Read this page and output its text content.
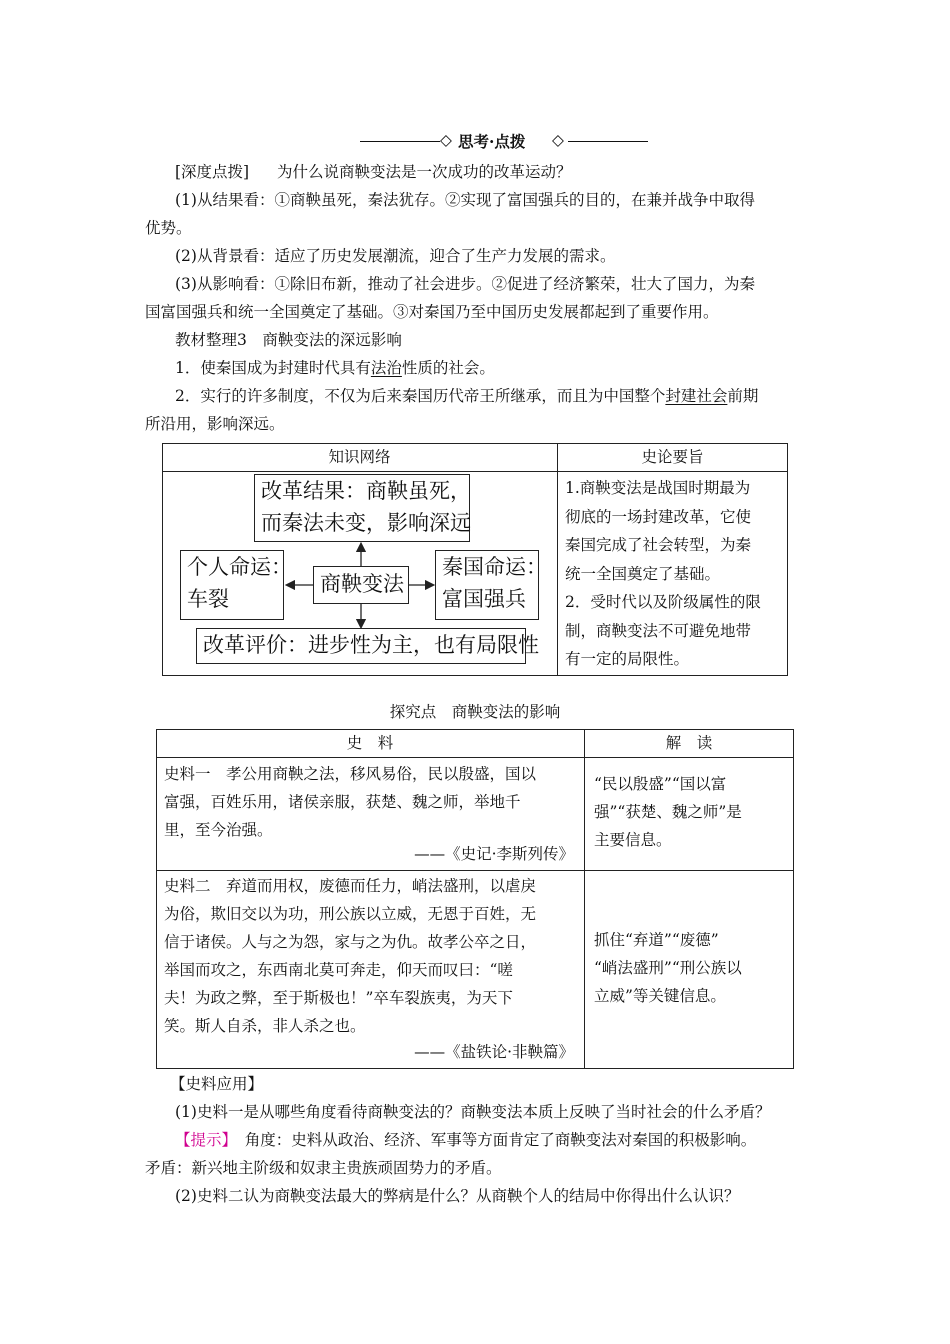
◇ 思考·点拨 ◇
[深度点拨] 为什么说商鞅变法是一次成功的改革运动？
(1)从结果看：①商鞅虽死，秦法犹存。②实现了富国强兵的目的，在兼并战争中取得
优势。
(2)从背景看：适应了历史发展潮流，迎合了生产力发展的需求。
(3)从影响看：①除旧布新，推动了社会进步。②促进了经济繁荣，壮大了国力，为秦
国富国强兵和统一全国奠定了基础。③对秦国乃至中国历史发展都起到了重要作用。
教材整理3　商鞅变法的深远影响
1．使秦国成为封建时代具有法治性质的社会。
2．实行的许多制度，不仅为后来秦国历代帝王所继承，而且为中国整个封建社会前期
所沿用，影响深远。
知识网络	史论要旨
改革结果：商鞅虽死，
而秦法未变，影响深远
个人命运：
车裂
商鞅变法
秦国命运：
富国强兵
改革评价：进步性为主，也有局限性
1.商鞅变法是战国时期最为
彻底的一场封建改革，它使
秦国完成了社会转型，为秦
统一全国奠定了基础。
2．受时代以及阶级属性的限
制，商鞅变法不可避免地带
有一定的局限性。
探究点　商鞅变法的影响
史　料	解　读
史料一　孝公用商鞅之法，移风易俗，民以殷盛，国以
富强，百姓乐用，诸侯亲服，获楚、魏之师，举地千
里，至今治强。
——《史记·李斯列传》
“民以殷盛”“国以富
强”“获楚、魏之师”是
主要信息。
史料二　弃道而用权，废德而任力，峭法盛刑，以虐戾
为俗，欺旧交以为功，刑公族以立威，无恩于百姓，无
信于诸侯。人与之为怨，家与之为仇。故孝公卒之日，
举国而攻之，东西南北莫可奔走，仰天而叹曰：“嗟
夫！为政之弊，至于斯极也！”卒车裂族夷，为天下
笑。斯人自杀，非人杀之也。
——《盐铁论·非鞅篇》
抓住“弃道”“废德”
“峭法盛刑”“刑公族以
立威”等关键信息。
【史料应用】
(1)史料一是从哪些角度看待商鞅变法的？商鞅变法本质上反映了当时社会的什么矛盾？
【提示】　角度：史料从政治、经济、军事等方面肯定了商鞅变法对秦国的积极影响。
矛盾：新兴地主阶级和奴隶主贵族顽固势力的矛盾。
(2)史料二认为商鞅变法最大的弊病是什么？从商鞅个人的结局中你得出什么认识？
